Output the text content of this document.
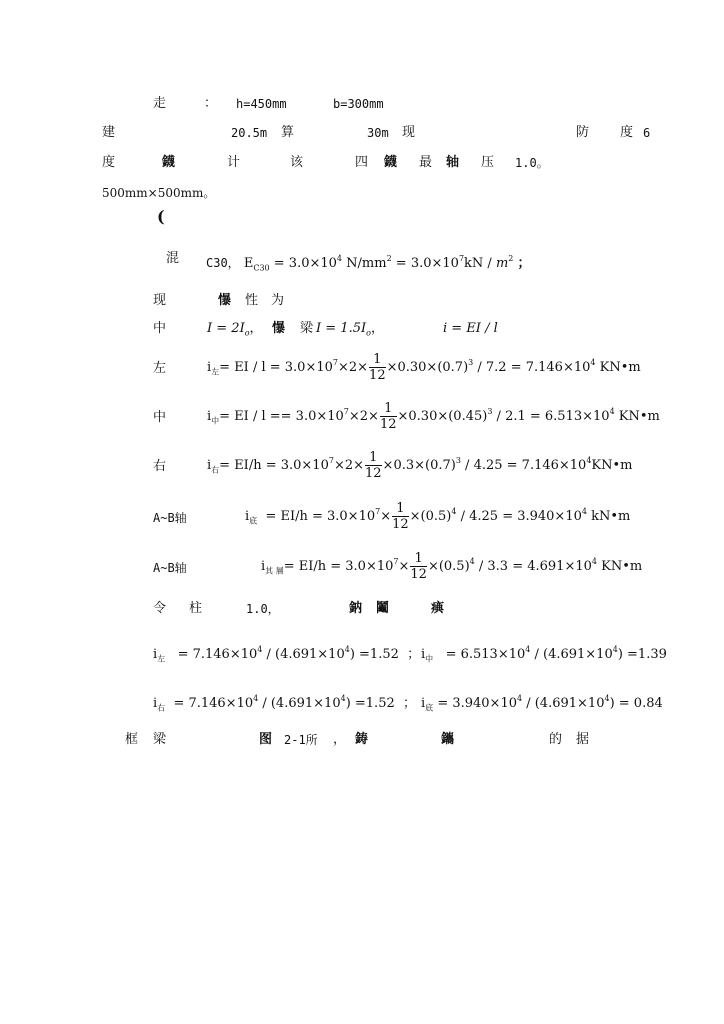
走	： h=450mm	b=300mm
建	20.5m 算	30m 现	防 度 6
度	鑖	计	该	四 鑖 最 轴 压 1.0。
500mm×500mm。
(
混 C30， $E_{C30} = 3.0\times 10^4$ $N/mm^2 = 3.0\times 10^7kN / m^2$ ；
现	懪 性 为
中	$I = 2I_o$， 懪 梁 $I = 1.5I_o$，	i = EI / l
左	$i_左=$ EI / $l = 3.0\times 10^7\times 2\times \frac{1}{12} \times 0.30\times(0.7)^3 / 7.2 = 7.146\times 10^4$ KN•m
中	$i_中=$ EI / $l == 3.0\times 10^7\times 2\times \frac{1}{12} \times 0.30\times(0.45)^3 / 2.1 = 6.513\times 10^4$ KN•m
右	$i_右= EI/h = 3.0\times 10^7\times 2\times \frac{1}{12} \times 0.3\times(0.7)^3 / 4.25$ = $7.146\times 10^4KN•m$
A~B轴	$i_底 = EI/h = 3.0\times 10^7\times \frac{1}{12} \times(0.5)^4 / 4.25 = 3.940\times 10^4$ kN•m
A~B轴	$i_{其 層}= EI/h = 3.0\times 10^7\times \frac{1}{12} \times(0.5)^4 / 3.3 = 4.691\times 10^4$ KN•m
令 柱	1.0，	鈉 鬮	痶
$i_左 = 7.146\times 10^4 / (4.691\times 10^4) =1.52$ ； $i_中 = 6.513\times 10^4 / (4.691\times 10^4) =1.39$
$i_右 = 7.146\times 10^4 / (4.691\times 10^4) =1.52$ ； $i_底 = 3.940\times 10^4 / (4.691\times 10^4) = 0.84$
框 梁	图 2-1所 ， 鋳	鑴	的 据
